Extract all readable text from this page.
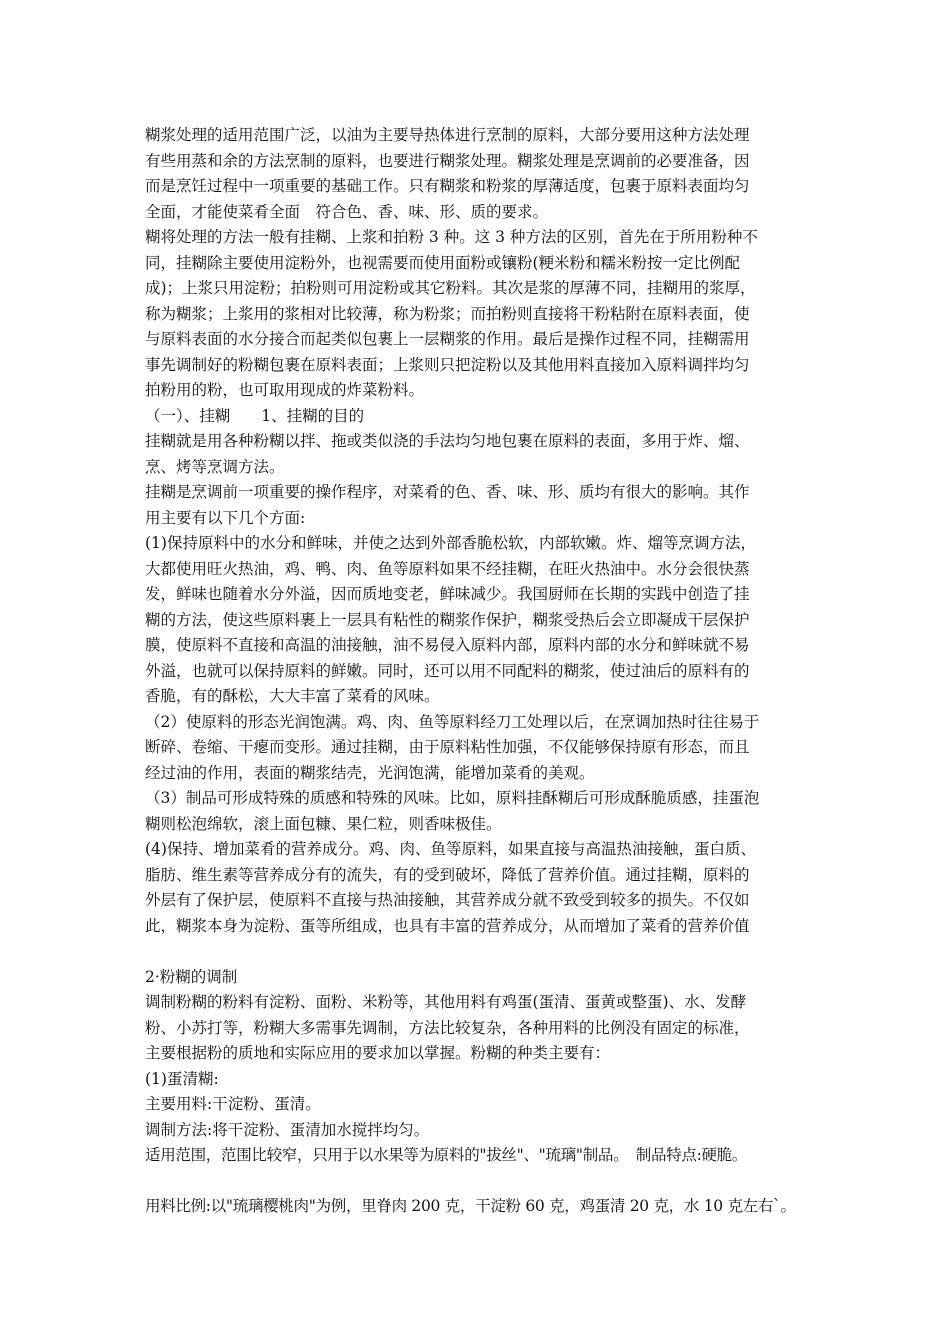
糊浆处理的适用范围广泛，以油为主要导热体进行烹制的原料，大部分要用这种方法处理
有些用蒸和余的方法烹制的原料，也要进行糊浆处理。糊浆处理是烹调前的必要准备，因
而是烹饪过程中一项重要的基础工作。只有糊浆和粉浆的厚薄适度，包裹于原料表面均匀
全面，才能使菜肴全面　符合色、香、味、形、质的要求。
糊将处理的方法一般有挂糊、上浆和拍粉 3 种。这 3 种方法的区别，首先在于所用粉种不
同，挂糊除主要使用淀粉外，也视需要而使用面粉或镶粉(粳米粉和糯米粉按一定比例配
成)；上浆只用淀粉；拍粉则可用淀粉或其它粉料。其次是浆的厚薄不同，挂糊用的浆厚，
称为糊浆；上浆用的浆相对比较薄，称为粉浆；而拍粉则直接将干粉粘附在原料表面，使
与原料表面的水分接合而起类似包裹上一层糊浆的作用。最后是操作过程不同，挂糊需用
事先调制好的粉糊包裹在原料表面；上浆则只把淀粉以及其他用料直接加入原料调拌均匀
拍粉用的粉，也可取用现成的炸菜粉料。
（一）、挂糊　　1、挂糊的目的
挂糊就是用各种粉糊以拌、拖或类似浇的手法均匀地包裹在原料的表面，多用于炸、熘、
烹、烤等烹调方法。
挂糊是烹调前一项重要的操作程序，对菜肴的色、香、味、形、质均有很大的影响。其作
用主要有以下几个方面:
(1)保持原料中的水分和鲜味，并使之达到外部香脆松软，内部软嫩。炸、熘等烹调方法，
大都使用旺火热油，鸡、鸭、肉、鱼等原料如果不经挂糊，在旺火热油中。水分会很快蒸
发，鲜味也随着水分外溢，因而质地变老，鲜味减少。我国厨师在长期的实践中创造了挂
糊的方法，使这些原料裹上一层具有粘性的糊浆作保护，糊浆受热后会立即凝成干层保护
膜，使原料不直接和高温的油接触，油不易侵入原料内部，原料内部的水分和鲜味就不易
外溢，也就可以保持原料的鲜嫩。同时，还可以用不同配料的糊浆，使过油后的原料有的
香脆，有的酥松，大大丰富了菜肴的风味。
（2）使原料的形态光润饱满。鸡、肉、鱼等原料经刀工处理以后，在烹调加热时往往易于
断碎、卷缩、干瘪而变形。通过挂糊，由于原料粘性加强，不仅能够保持原有形态，而且
经过油的作用，表面的糊浆结壳，光润饱满，能增加菜肴的美观。
（3）制品可形成特殊的质感和特殊的风味。比如，原料挂酥糊后可形成酥脆质感，挂蛋泡
糊则松泡绵软，滚上面包糠、果仁粒，则香味极佳。
(4)保持、增加菜肴的营养成分。鸡、肉、鱼等原料，如果直接与高温热油接触，蛋白质、
脂肪、维生素等营养成分有的流失，有的受到破坏，降低了营养价值。通过挂糊，原料的
外层有了保护层，使原料不直接与热油接触，其营养成分就不致受到较多的损失。不仅如
此，糊浆本身为淀粉、蛋等所组成，也具有丰富的营养成分，从而增加了菜肴的营养价值
2·粉糊的调制
调制粉糊的粉料有淀粉、面粉、米粉等，其他用料有鸡蛋(蛋清、蛋黄或整蛋)、水、发酵
粉、小苏打等，粉糊大多需事先调制，方法比较复杂，各种用料的比例没有固定的标准，
主要根据粉的质地和实际应用的要求加以掌握。粉糊的种类主要有：
(1)蛋清糊:
主要用料:干淀粉、蛋清。
调制方法:将干淀粉、蛋清加水搅拌均匀。
适用范围，范围比较窄，只用于以水果等为原料的"拔丝"、"琉璃"制品。　制品特点:硬脆。
用料比例:以"琉璃樱桃肉"为例，里脊肉 200 克，干淀粉 60 克，鸡蛋清 20 克，水 10 克左右`。
